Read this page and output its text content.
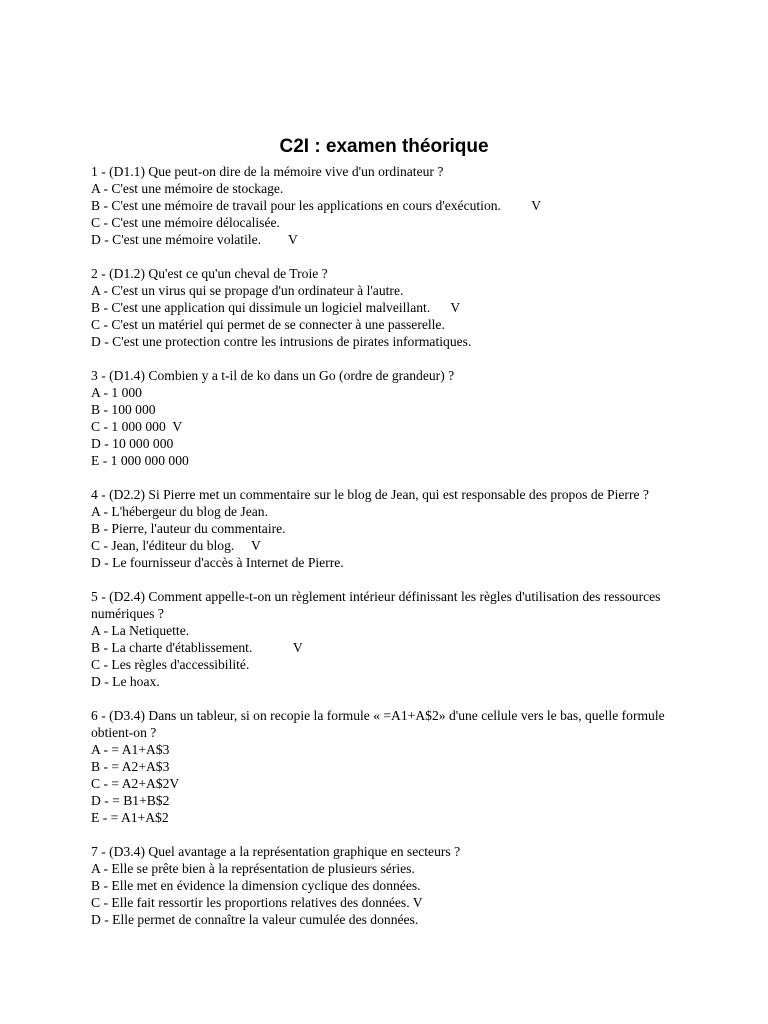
C2I : examen théorique
1 - (D1.1) Que peut-on dire de la mémoire vive d'un ordinateur ?
A - C'est une mémoire de stockage.
B - C'est une mémoire de travail pour les applications en cours d'exécution.         V
C - C'est une mémoire délocalisée.
D - C'est une mémoire volatile.        V
2 - (D1.2) Qu'est ce qu'un cheval de Troie ?
A - C'est un virus qui se propage d'un ordinateur à l'autre.
B - C'est une application qui dissimule un logiciel malveillant.      V
C - C'est un matériel qui permet de se connecter à une passerelle.
D - C'est une protection contre les intrusions de pirates informatiques.
3 - (D1.4) Combien y a t-il de ko dans un Go (ordre de grandeur) ?
A - 1 000
B - 100 000
C - 1 000 000  V
D - 10 000 000
E - 1 000 000 000
4 - (D2.2) Si Pierre met un commentaire sur le blog de Jean, qui est responsable des propos de Pierre ?
A - L'hébergeur du blog de Jean.
B - Pierre, l'auteur du commentaire.
C - Jean, l'éditeur du blog.     V
D - Le fournisseur d'accès à Internet de Pierre.
5 - (D2.4) Comment appelle-t-on un règlement intérieur définissant les règles d'utilisation des ressources numériques ?
A - La Netiquette.
B - La charte d'établissement.            V
C - Les règles d'accessibilité.
D - Le hoax.
6 - (D3.4) Dans un tableur, si on recopie la formule « =A1+A$2» d'une cellule vers le bas, quelle formule obtient-on ?
A - = A1+A$3
B - = A2+A$3
C - = A2+A$2V
D - = B1+B$2
E - = A1+A$2
7 - (D3.4) Quel avantage a la représentation graphique en secteurs ?
A - Elle se prête bien à la représentation de plusieurs séries.
B - Elle met en évidence la dimension cyclique des données.
C - Elle fait ressortir les proportions relatives des données. V
D - Elle permet de connaître la valeur cumulée des données.
